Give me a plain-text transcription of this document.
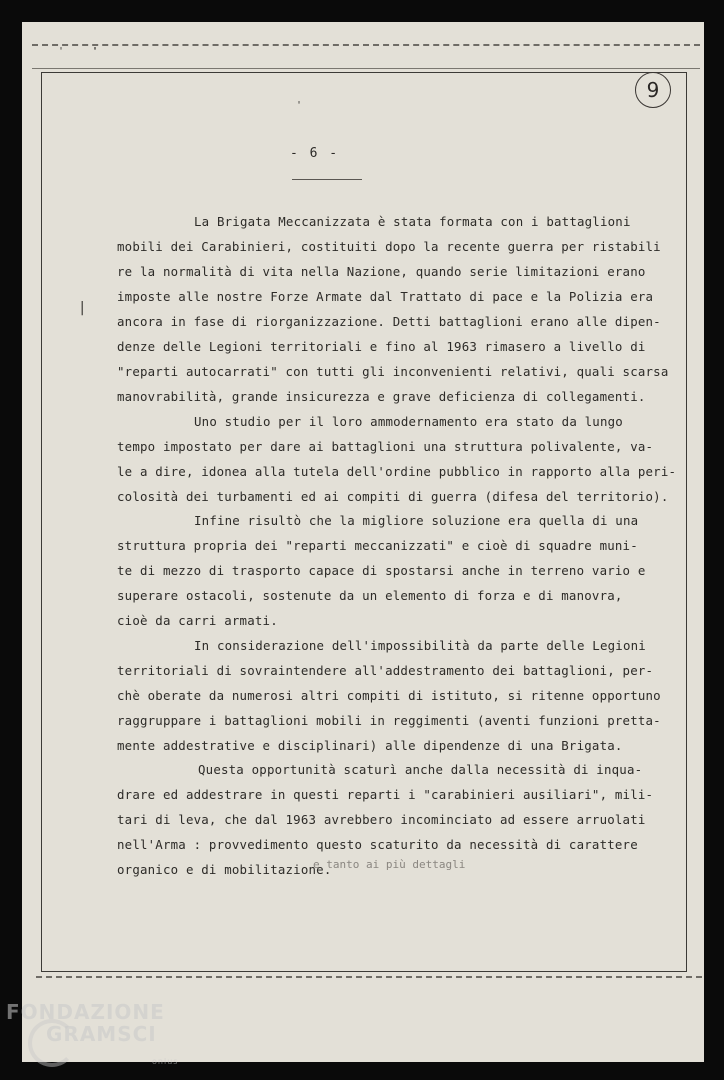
'	'
'
|
9
- 6 -
La Brigata Meccanizzata è stata formata con i battaglioni
mobili dei Carabinieri, costituiti dopo la recente guerra per ristabili
re la normalità di vita nella Nazione, quando serie limitazioni erano
imposte alle nostre Forze Armate dal Trattato di pace e la Polizia era
ancora in fase di riorganizzazione. Detti battaglioni erano alle dipen-
denze delle Legioni territoriali e fino al 1963 rimasero a livello di
"reparti autocarrati" con tutti gli inconvenienti relativi, quali scarsa
manovrabilità, grande insicurezza e grave deficienza di collegamenti.
Uno studio per il loro ammodernamento era stato da lungo
tempo impostato per dare ai battaglioni una struttura polivalente, va-
le a dire, idonea alla tutela dell'ordine pubblico in rapporto alla peri-
colosità dei turbamenti ed ai compiti di guerra (difesa del territorio).
Infine risultò che la migliore soluzione era quella di una
struttura propria dei "reparti meccanizzati" e cioè di squadre muni-
te di mezzo di trasporto capace di spostarsi anche in terreno vario e
superare ostacoli, sostenute da un elemento di forza e di manovra,
cioè da carri armati.
In considerazione dell'impossibilità da parte delle Legioni
territoriali di sovraintendere all'addestramento dei battaglioni, per-
chè oberate da numerosi altri compiti di istituto, si ritenne opportuno
raggruppare i battaglioni mobili in reggimenti (aventi funzioni pretta-
mente addestrative e disciplinari) alle dipendenze di una Brigata.
Questa opportunità scaturì anche dalla necessità di inqua-
drare ed addestrare in questi reparti i "carabinieri ausiliari", mili-
tari di leva, che dal 1963 avrebbero incominciato ad essere arruolati
nell'Arma : provvedimento questo scaturito da necessità di carattere
organico e di mobilitazione.
e tanto ai più dettagli
FONDAZIONE
GRAMSCI
onlus
